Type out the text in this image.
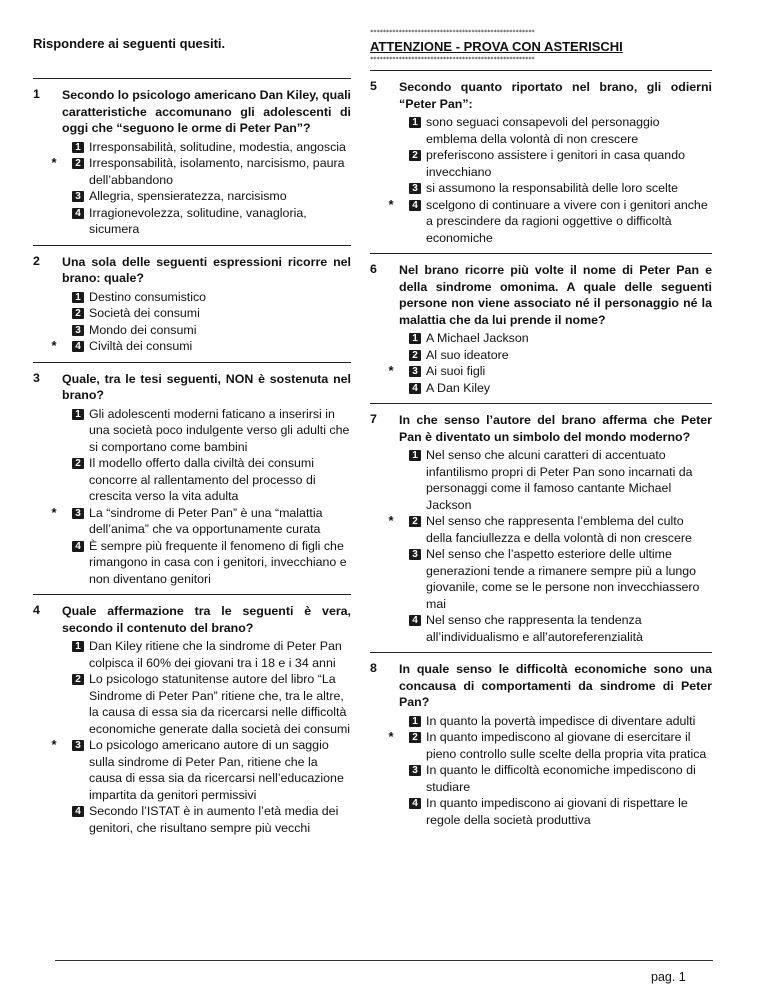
Rispondere ai seguenti quesiti.
1	Secondo lo psicologo americano Dan Kiley, quali caratteristiche accomunano gli adolescenti di oggi che “seguono le orme di Peter Pan”?
1 Irresponsabilità, solitudine, modestia, angoscia
*	2 Irresponsabilità, isolamento, narcisismo, paura dell’abbandono
3 Allegria, spensieratezza, narcisismo
4 Irragionevolezza, solitudine, vanagloria, sicumera
2	Una sola delle seguenti espressioni ricorre nel brano: quale?
1 Destino consumistico
2 Società dei consumi
3 Mondo dei consumi
*	4 Civiltà dei consumi
3	Quale, tra le tesi seguenti, NON è sostenuta nel brano?
1 Gli adolescenti moderni faticano a inserirsi in una società poco indulgente verso gli adulti che si comportano come bambini
2 Il modello offerto dalla civiltà dei consumi concorre al rallentamento del processo di crescita verso la vita adulta
*	3 La “sindrome di Peter Pan” è una “malattia dell’anima” che va opportunamente curata
4 È sempre più frequente il fenomeno di figli che rimangono in casa con i genitori, invecchiano e non diventano genitori
4	Quale affermazione tra le seguenti è vera, secondo il contenuto del brano?
1 Dan Kiley ritiene che la sindrome di Peter Pan colpisca il 60% dei giovani tra i 18 e i 34 anni
2 Lo psicologo statunitense autore del libro “La Sindrome di Peter Pan” ritiene che, tra le altre, la causa di essa sia da ricercarsi nelle difficoltà economiche generate dalla società dei consumi
*	3 Lo psicologo americano autore di un saggio sulla sindrome di Peter Pan, ritiene che la causa di essa sia da ricercarsi nell’educazione impartita da genitori permissivi
4 Secondo l’ISTAT è in aumento l’età media dei genitori, che risultano sempre più vecchi
****************************************************
ATTENZIONE - PROVA CON ASTERISCHI
****************************************************
5	Secondo quanto riportato nel brano, gli odierni “Peter Pan”:
1 sono seguaci consapevoli del personaggio emblema della volontà di non crescere
2 preferiscono assistere i genitori in casa quando invecchiano
3 si assumono la responsabilità delle loro scelte
*	4 scelgono di continuare a vivere con i genitori anche a prescindere da ragioni oggettive o difficoltà economiche
6	Nel brano ricorre più volte il nome di Peter Pan e della sindrome omonima. A quale delle seguenti persone non viene associato né il personaggio né la malattia che da lui prende il nome?
1 A Michael Jackson
2 Al suo ideatore
*	3 Ai suoi figli
4 A Dan Kiley
7	In che senso l’autore del brano afferma che Peter Pan è diventato un simbolo del mondo moderno?
1 Nel senso che alcuni caratteri di accentuato infantilismo propri di Peter Pan sono incarnati da personaggi come il famoso cantante Michael Jackson
*	2 Nel senso che rappresenta l’emblema del culto della fanciullezza e della volontà di non crescere
3 Nel senso che l’aspetto esteriore delle ultime generazioni tende a rimanere sempre più a lungo giovanile, come se le persone non invecchiassero mai
4 Nel senso che rappresenta la tendenza all’individualismo e all’autoreferenzialità
8	In quale senso le difficoltà economiche sono una concausa di comportamenti da sindrome di Peter Pan?
1 In quanto la povertà impedisce di diventare adulti
*	2 In quanto impediscono al giovane di esercitare il pieno controllo sulle scelte della propria vita pratica
3 In quanto le difficoltà economiche impediscono di studiare
4 In quanto impediscono ai giovani di rispettare le regole della società produttiva
pag. 1
